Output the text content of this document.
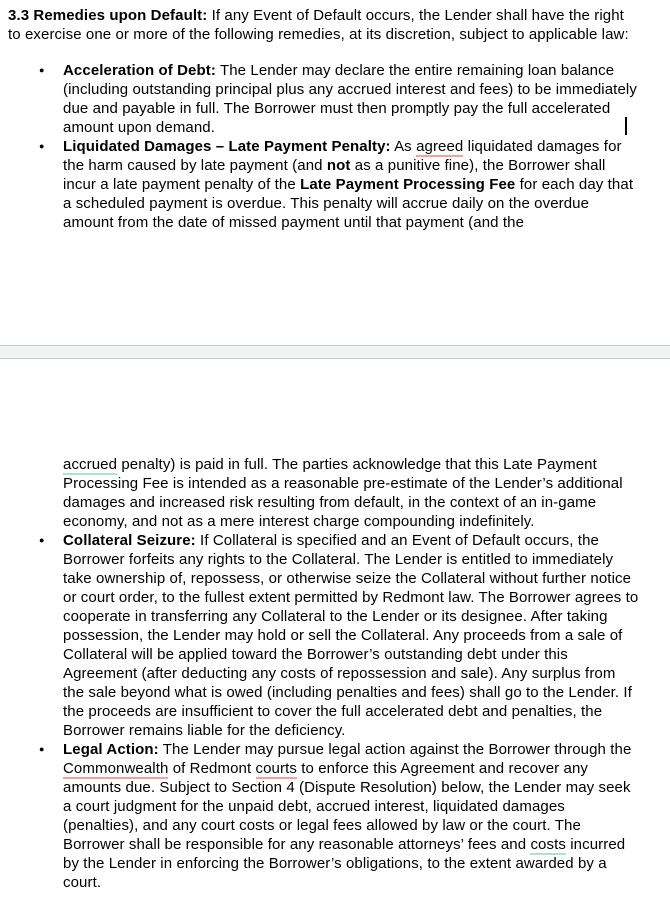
3.3 Remedies upon Default: If any Event of Default occurs, the Lender shall have the right to exercise one or more of the following remedies, at its discretion, subject to applicable law:

● Acceleration of Debt: The Lender may declare the entire remaining loan balance (including outstanding principal plus any accrued interest and fees) to be immediately due and payable in full. The Borrower must then promptly pay the full accelerated amount upon demand.
● Liquidated Damages – Late Payment Penalty: As agreed liquidated damages for the harm caused by late payment (and not as a punitive fine), the Borrower shall incur a late payment penalty of the Late Payment Processing Fee for each day that a scheduled payment is overdue. This penalty will accrue daily on the overdue amount from the date of missed payment until that payment (and the

accrued penalty) is paid in full. The parties acknowledge that this Late Payment Processing Fee is intended as a reasonable pre-estimate of the Lender’s additional damages and increased risk resulting from default, in the context of an in-game economy, and not as a mere interest charge compounding indefinitely.

● Collateral Seizure: If Collateral is specified and an Event of Default occurs, the Borrower forfeits any rights to the Collateral. The Lender is entitled to immediately take ownership of, repossess, or otherwise seize the Collateral without further notice or court order, to the fullest extent permitted by Redmont law. The Borrower agrees to cooperate in transferring any Collateral to the Lender or its designee. After taking possession, the Lender may hold or sell the Collateral. Any proceeds from a sale of Collateral will be applied toward the Borrower’s outstanding debt under this Agreement (after deducting any costs of repossession and sale). Any surplus from the sale beyond what is owed (including penalties and fees) shall go to the Lender. If the proceeds are insufficient to cover the full accelerated debt and penalties, the Borrower remains liable for the deficiency.
● Legal Action: The Lender may pursue legal action against the Borrower through the Commonwealth of Redmont courts to enforce this Agreement and recover any amounts due. Subject to Section 4 (Dispute Resolution) below, the Lender may seek a court judgment for the unpaid debt, accrued interest, liquidated damages (penalties), and any court costs or legal fees allowed by law or the court. The Borrower shall be responsible for any reasonable attorneys’ fees and costs incurred by the Lender in enforcing the Borrower’s obligations, to the extent awarded by a court.
